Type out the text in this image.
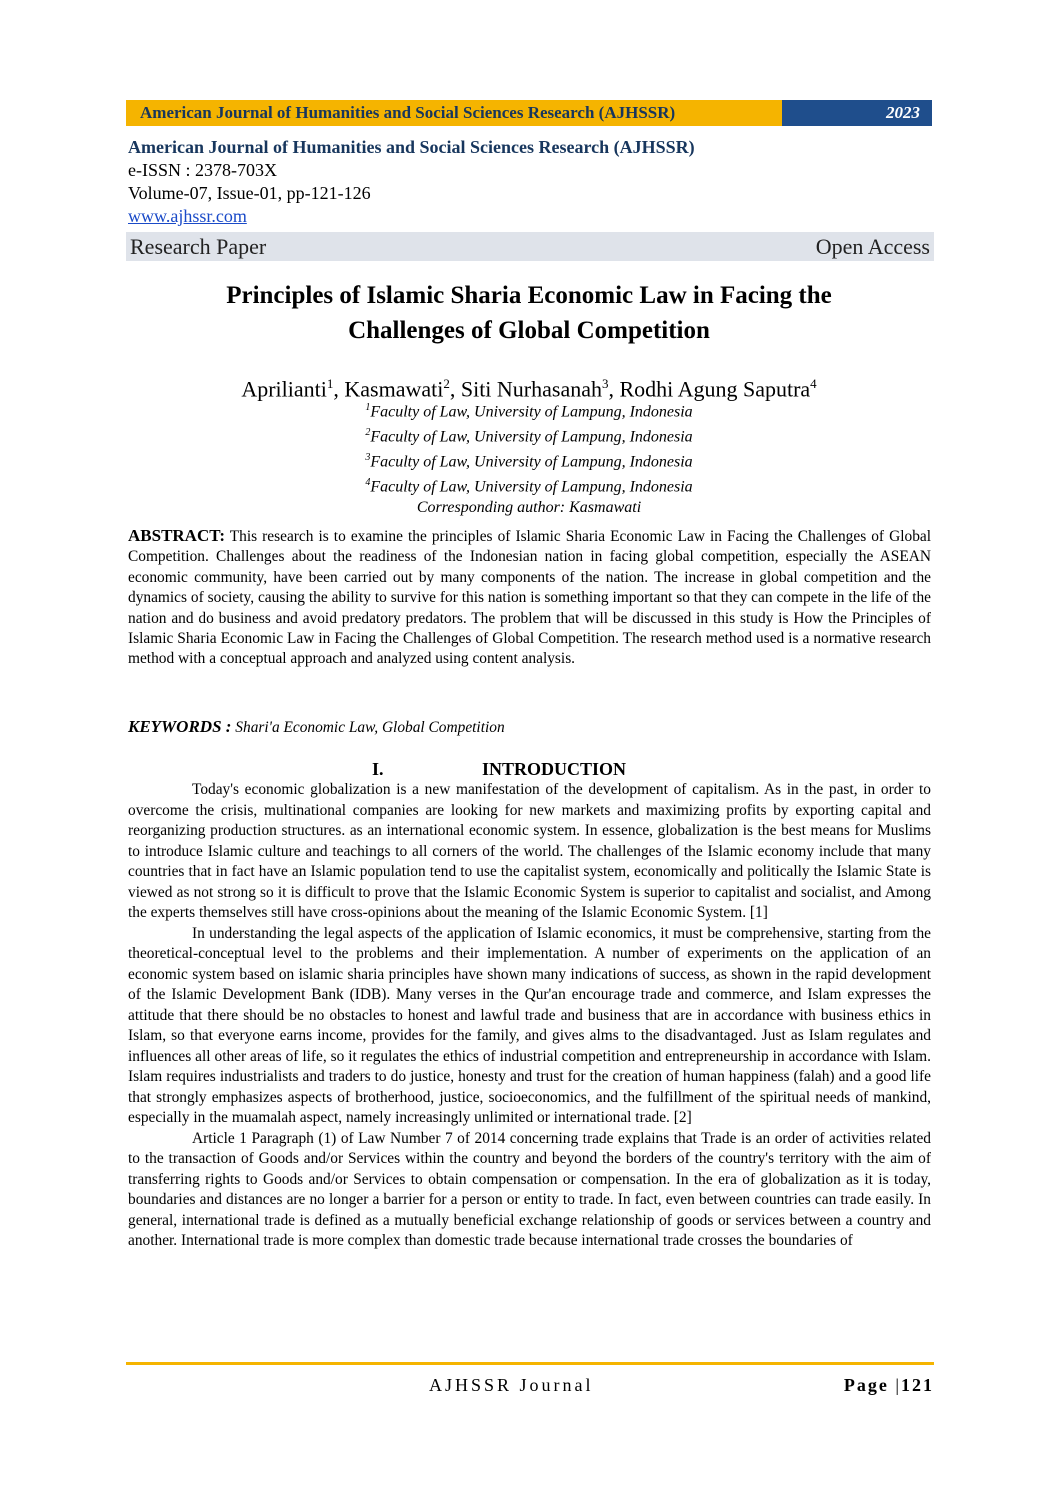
American Journal of Humanities and Social Sciences Research (AJHSSR)	2023
American Journal of Humanities and Social Sciences Research (AJHSSR)
e-ISSN : 2378-703X
Volume-07, Issue-01, pp-121-126
www.ajhssr.com
Research Paper	Open Access
Principles of Islamic Sharia Economic Law in Facing the
Challenges of Global Competition
Aprilianti$^1$, Kasmawati$^2$, Siti Nurhasanah$^3$, Rodhi Agung Saputra$^4$
$^1$Faculty of Law, University of Lampung, Indonesia
$^2$Faculty of Law, University of Lampung, Indonesia
$^3$Faculty of Law, University of Lampung, Indonesia
$^4$Faculty of Law, University of Lampung, Indonesia
Corresponding author: Kasmawati
ABSTRACT: This research is to examine the principles of Islamic Sharia Economic Law in Facing the Challenges of Global Competition. Challenges about the readiness of the Indonesian nation in facing global competition, especially the ASEAN economic community, have been carried out by many components of the nation. The increase in global competition and the dynamics of society, causing the ability to survive for this nation is something important so that they can compete in the life of the nation and do business and avoid predatory predators. The problem that will be discussed in this study is How the Principles of Islamic Sharia Economic Law in Facing the Challenges of Global Competition. The research method used is a normative research method with a conceptual approach and analyzed using content analysis.
KEYWORDS : Shari'a Economic Law, Global Competition
I.	INTRODUCTION

Today's economic globalization is a new manifestation of the development of capitalism. As in the past, in order to overcome the crisis, multinational companies are looking for new markets and maximizing profits by exporting capital and reorganizing production structures. as an international economic system. In essence, globalization is the best means for Muslims to introduce Islamic culture and teachings to all corners of the world. The challenges of the Islamic economy include that many countries that in fact have an Islamic population tend to use the capitalist system, economically and politically the Islamic State is viewed as not strong so it is difficult to prove that the Islamic Economic System is superior to capitalist and socialist, and Among the experts themselves still have cross-opinions about the meaning of the Islamic Economic System. [1]

In understanding the legal aspects of the application of Islamic economics, it must be comprehensive, starting from the theoretical-conceptual level to the problems and their implementation. A number of experiments on the application of an economic system based on islamic sharia principles have shown many indications of success, as shown in the rapid development of the Islamic Development Bank (IDB). Many verses in the Qur'an encourage trade and commerce, and Islam expresses the attitude that there should be no obstacles to honest and lawful trade and business that are in accordance with business ethics in Islam, so that everyone earns income, provides for the family, and gives alms to the disadvantaged. Just as Islam regulates and influences all other areas of life, so it regulates the ethics of industrial competition and entrepreneurship in accordance with Islam. Islam requires industrialists and traders to do justice, honesty and trust for the creation of human happiness (falah) and a good life that strongly emphasizes aspects of brotherhood, justice, socioeconomics, and the fulfillment of the spiritual needs of mankind, especially in the muamalah aspect, namely increasingly unlimited or international trade. [2]

Article 1 Paragraph (1) of Law Number 7 of 2014 concerning trade explains that Trade is an order of activities related to the transaction of Goods and/or Services within the country and beyond the borders of the country's territory with the aim of transferring rights to Goods and/or Services to obtain compensation or compensation. In the era of globalization as it is today, boundaries and distances are no longer a barrier for a person or entity to trade. In fact, even between countries can trade easily. In general, international trade is defined as a mutually beneficial exchange relationship of goods or services between a country and another. International trade is more complex than domestic trade because international trade crosses the boundaries of

AJHSSR Journal	Page |121
